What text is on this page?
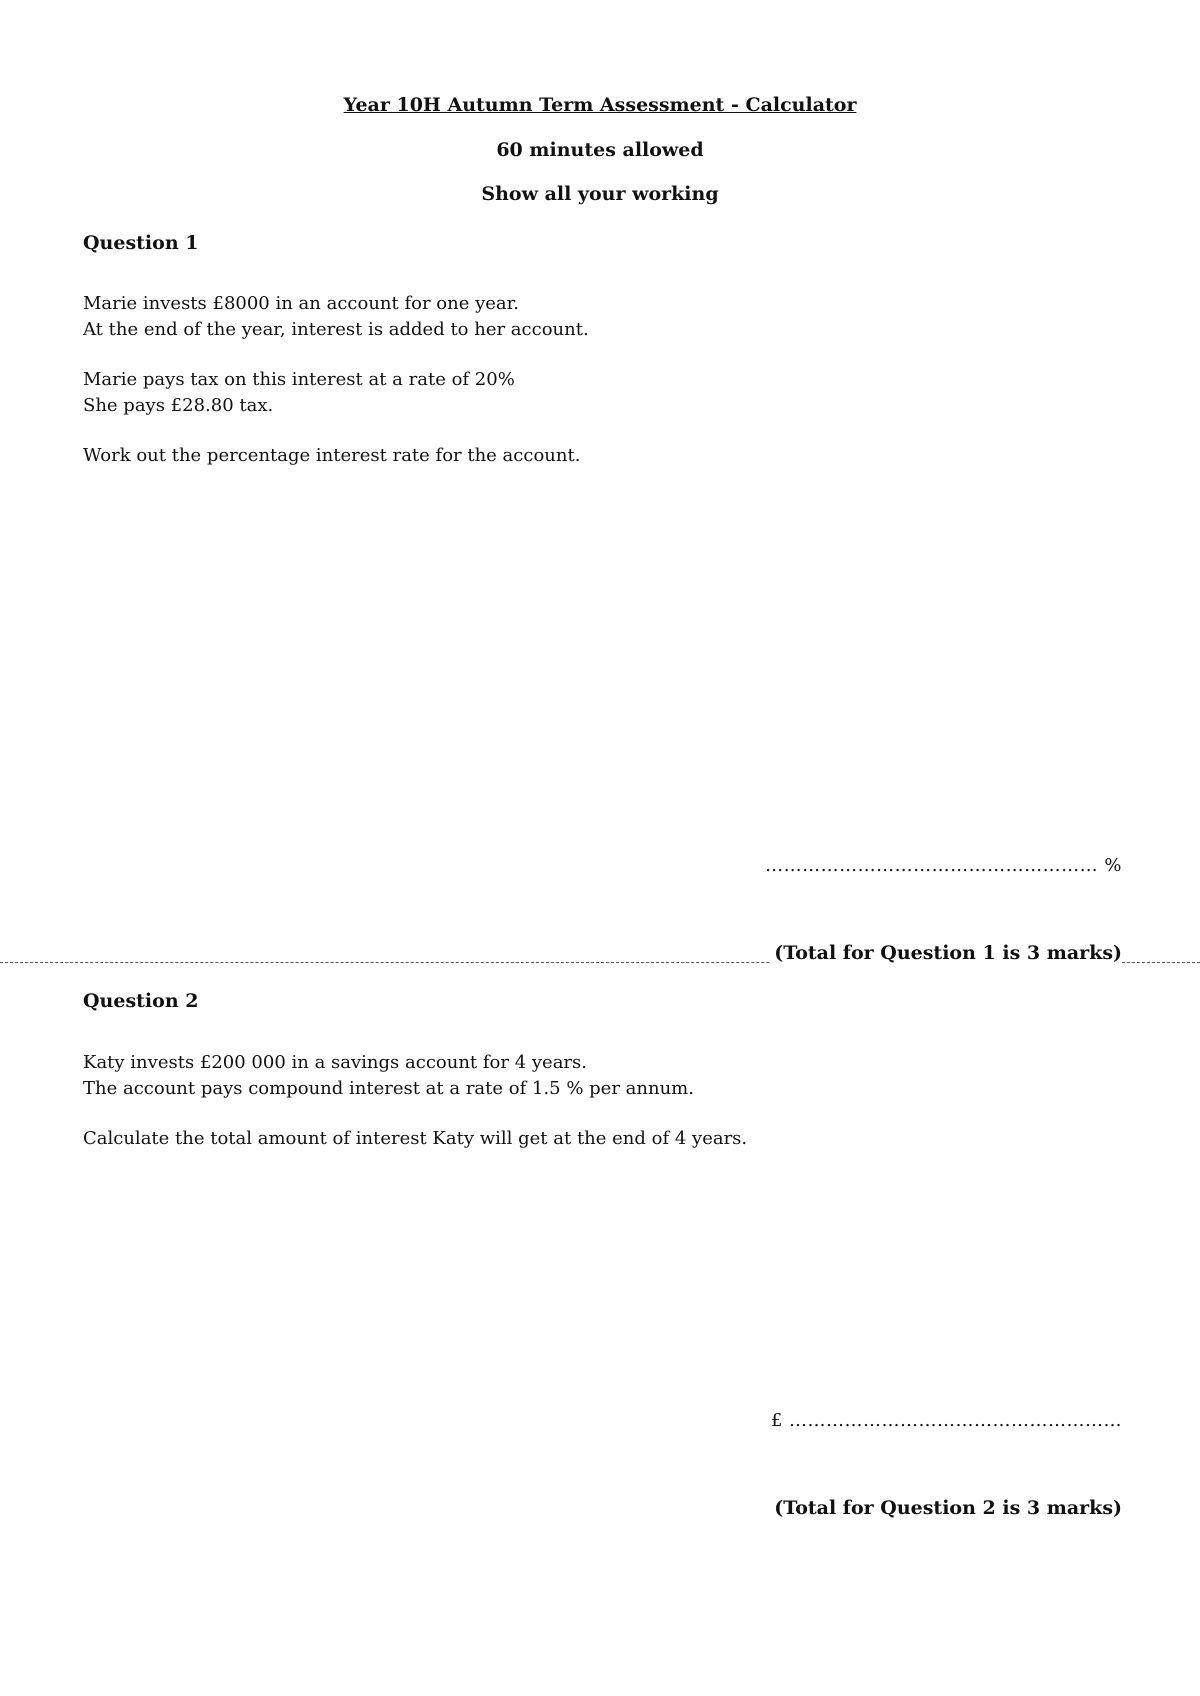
Year 10H Autumn Term Assessment - Calculator
60 minutes allowed
Show all your working
Question 1
Marie invests £8000 in an account for one year.
At the end of the year, interest is added to her account.
Marie pays tax on this interest at a rate of 20%
She pays £28.80 tax.
Work out the percentage interest rate for the account.
……………………………………………… %
(Total for Question 1 is 3 marks)
Question 2
Katy invests £200 000 in a savings account for 4 years.
The account pays compound interest at a rate of 1.5 % per annum.
Calculate the total amount of interest Katy will get at the end of 4 years.
£ ………………………………………………
(Total for Question 2 is 3 marks)
